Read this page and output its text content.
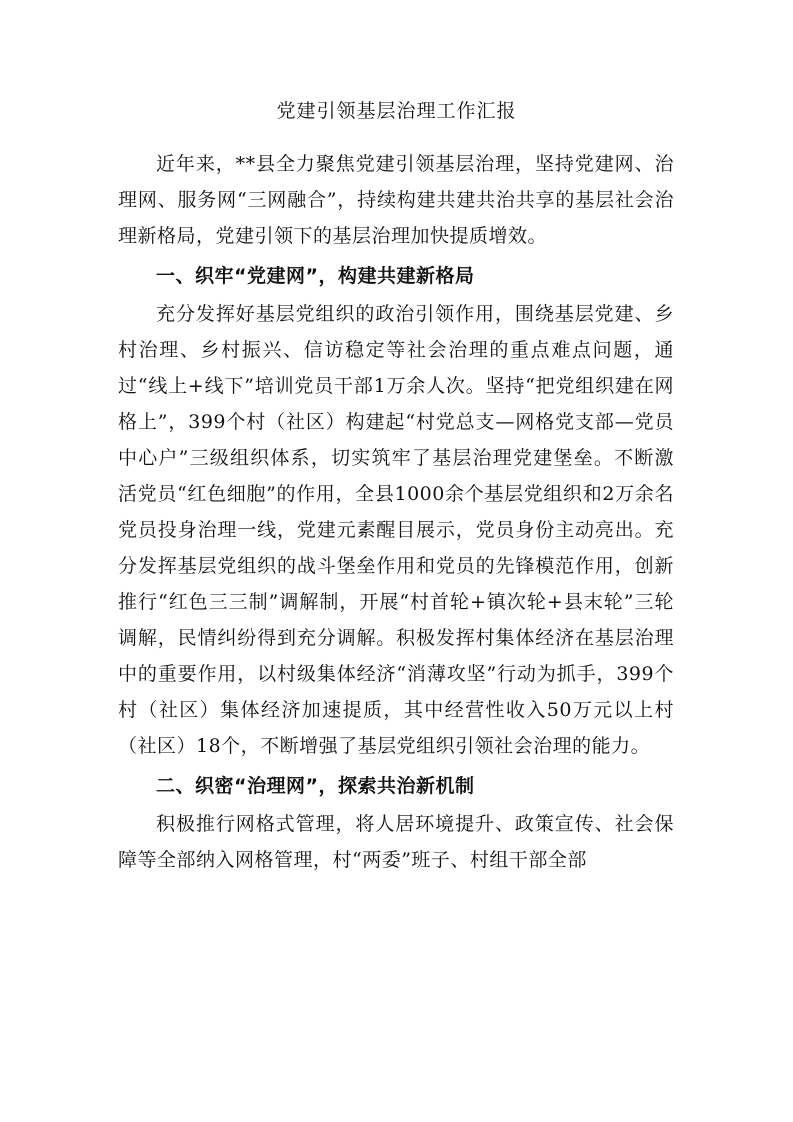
党建引领基层治理工作汇报

近年来，**县全力聚焦党建引领基层治理，坚持党建网、治理网、服务网“三网融合”，持续构建共建共治共享的基层社会治理新格局，党建引领下的基层治理加快提质增效。

一、织牢“党建网”，构建共建新格局

充分发挥好基层党组织的政治引领作用，围绕基层党建、乡村治理、乡村振兴、信访稳定等社会治理的重点难点问题，通过“线上+线下”培训党员干部1万余人次。坚持“把党组织建在网格上”，399个村（社区）构建起“村党总支—网格党支部—党员中心户”三级组织体系，切实筑牢了基层治理党建堡垒。不断激活党员“红色细胞”的作用，全县1000余个基层党组织和2万余名党员投身治理一线，党建元素醒目展示，党员身份主动亮出。充分发挥基层党组织的战斗堡垒作用和党员的先锋模范作用，创新推行“红色三三制”调解制，开展“村首轮+镇次轮+县末轮”三轮调解，民情纠纷得到充分调解。积极发挥村集体经济在基层治理中的重要作用，以村级集体经济“消薄攻坚”行动为抓手，399个村（社区）集体经济加速提质，其中经营性收入50万元以上村（社区）18个，不断增强了基层党组织引领社会治理的能力。

二、织密“治理网”，探索共治新机制

积极推行网格式管理，将人居环境提升、政策宣传、社会保障等全部纳入网格管理，村“两委”班子、村组干部全部
